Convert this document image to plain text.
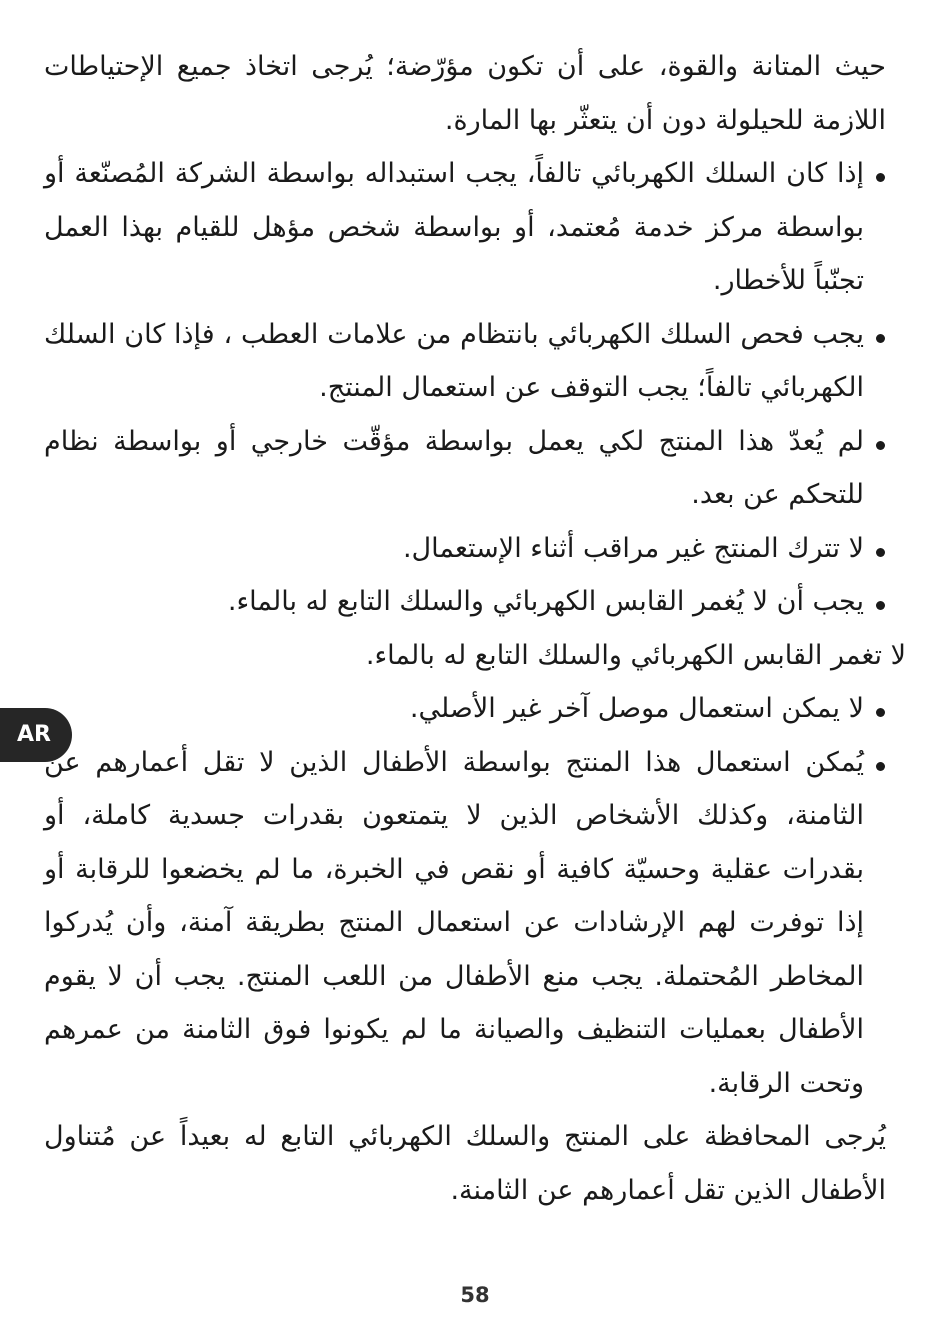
AR

حيث المتانة والقوة، على أن تكون مؤرّضة؛ يُرجى اتخاذ جميع الإحتياطات اللازمة للحيلولة دون أن يتعثّر بها المارة.

إذا كان السلك الكهربائي تالفاً، يجب استبداله بواسطة الشركة المُصنّعة أو بواسطة مركز خدمة مُعتمد، أو بواسطة شخص مؤهل للقيام بهذا العمل تجنّباً للأخطار.

يجب فحص السلك الكهربائي بانتظام من علامات العطب ، فإذا كان السلك الكهربائي تالفاً؛ يجب التوقف عن استعمال المنتج.

لم يُعدّ هذا المنتج لكي يعمل بواسطة مؤقّت خارجي أو بواسطة نظام للتحكم عن بعد.

لا تترك المنتج غير مراقب أثناء الإستعمال.

يجب أن لا يُغمر القابس الكهربائي والسلك التابع له بالماء.

لا تغمر القابس الكهربائي والسلك التابع له بالماء.

لا يمكن استعمال موصل آخر غير الأصلي.

يُمكن استعمال هذا المنتج بواسطة الأطفال الذين لا تقل أعمارهم عن الثامنة، وكذلك الأشخاص الذين لا يتمتعون بقدرات جسدية كاملة، أو بقدرات عقلية وحسيّة كافية أو نقص في الخبرة، ما لم يخضعوا للرقابة أو إذا توفرت لهم الإرشادات عن استعمال المنتج بطريقة آمنة، وأن يُدركوا المخاطر المُحتملة. يجب منع الأطفال من اللعب المنتج. يجب أن لا يقوم الأطفال بعمليات التنظيف والصيانة ما لم يكونوا فوق الثامنة من عمرهم وتحت الرقابة.

يُرجى المحافظة على المنتج والسلك الكهربائي التابع له بعيداً عن مُتناول الأطفال الذين تقل أعمارهم عن الثامنة.

58
